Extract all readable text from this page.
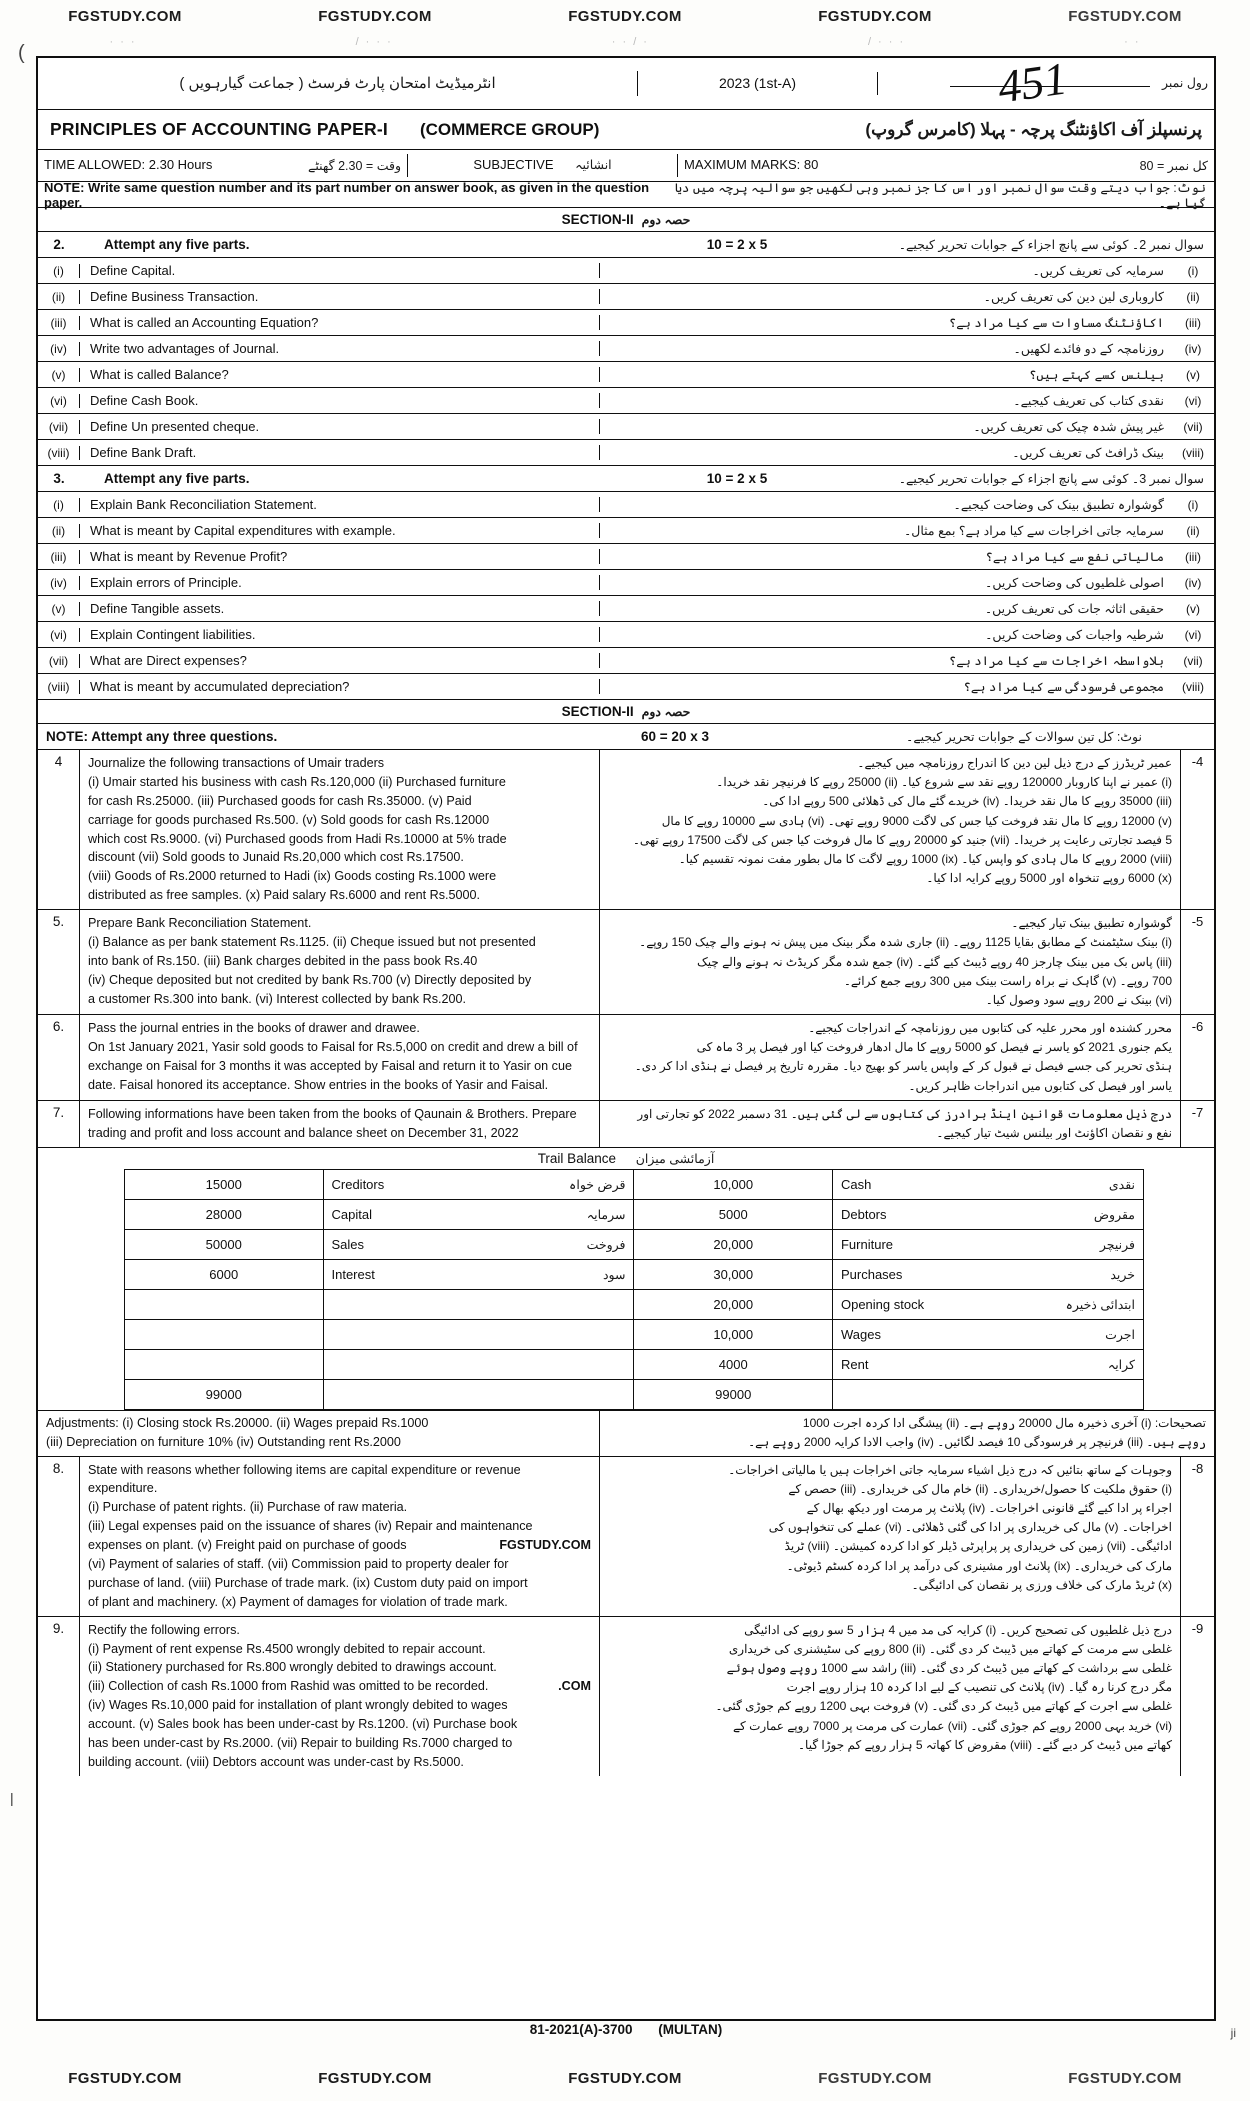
FGSTUDY.COM	FGSTUDY.COM	FGSTUDY.COM	FGSTUDY.COM	FGSTUDY.COM
· · ·	/ · · ·	· · / ·	/ · · ·	· ·
(
|
ji
انٹرمیڈیٹ امتحان پارٹ فرسٹ ( جماعت گیارہویں )	2023 (1st-A)	451	رول نمبر
PRINCIPLES OF ACCOUNTING PAPER-I	(COMMERCE GROUP)	پرنسپلز آف اکاؤنٹنگ پرچہ - پہلا (کامرس گروپ)
TIME ALLOWED: 2.30 Hours	وقت = 2.30 گھنٹے	SUBJECTIVE انشائیہ	MAXIMUM MARKS: 80	کل نمبر = 80
NOTE: Write same question number and its part number on answer book, as given in the question paper.
نوٹ: جواب دیتے وقت سوال نمبر اور اس کا جز نمبر وہی لکھیں جو سوالیہ پرچہ میں دیا گیا ہے۔
SECTION-II حصہ دوم
2.	Attempt any five parts.	10 = 2 x 5	سوال نمبر 2۔ کوئی سے پانچ اجزاء کے جوابات تحریر کیجیے۔
(i)	Define Capital.	سرمایہ کی تعریف کریں۔	(i)
(ii)	Define Business Transaction.	کاروباری لین دین کی تعریف کریں۔	(ii)
(iii)	What is called an Accounting Equation?	اکاؤنٹنگ مساوات سے کیا مراد ہے؟	(iii)
(iv)	Write two advantages of Journal.	روزنامچہ کے دو فائدے لکھیں۔	(iv)
(v)	What is called Balance?	بیلنس کسے کہتے ہیں؟	(v)
(vi)	Define Cash Book.	نقدی کتاب کی تعریف کیجیے۔	(vi)
(vii)	Define Un presented cheque.	غیر پیش شدہ چیک کی تعریف کریں۔	(vii)
(viii)	Define Bank Draft.	بینک ڈرافٹ کی تعریف کریں۔	(viii)
3.	Attempt any five parts.	10 = 2 x 5	سوال نمبر 3۔ کوئی سے پانچ اجزاء کے جوابات تحریر کیجیے۔
(i)	Explain Bank Reconciliation Statement.	گوشوارہ تطبیق بینک کی وضاحت کیجیے۔	(i)
(ii)	What is meant by Capital expenditures with example.	سرمایہ جاتی اخراجات سے کیا مراد ہے؟ بمع مثال۔	(ii)
(iii)	What is meant by Revenue Profit?	مالیاتی نفع سے کیا مراد ہے؟	(iii)
(iv)	Explain errors of Principle.	اصولی غلطیوں کی وضاحت کریں۔	(iv)
(v)	Define Tangible assets.	حقیقی اثاثہ جات کی تعریف کریں۔	(v)
(vi)	Explain Contingent liabilities.	شرطیہ واجبات کی وضاحت کریں۔	(vi)
(vii)	What are Direct expenses?	بلاواسطہ اخراجات سے کیا مراد ہے؟	(vii)
(viii)	What is meant by accumulated depreciation?	مجموعی فرسودگی سے کیا مراد ہے؟	(viii)
SECTION-II حصہ دوم
NOTE: Attempt any three questions.	60 = 20 x 3	نوٹ: کل تین سوالات کے جوابات تحریر کیجیے۔
4	Journalize the following transactions of Umair traders
(i) Umair started his business with cash Rs.120,000 (ii) Purchased furniture
for cash Rs.25000. (iii) Purchased goods for cash Rs.35000. (v) Paid
carriage for goods purchased Rs.500. (v) Sold goods for cash Rs.12000
which cost Rs.9000. (vi) Purchased goods from Hadi Rs.10000 at 5% trade
discount (vii) Sold goods to Junaid Rs.20,000 which cost Rs.17500.
(viii) Goods of Rs.2000 returned to Hadi (ix) Goods costing Rs.1000 were
distributed as free samples. (x) Paid salary Rs.6000 and rent Rs.5000.
عمیر ٹریڈرز کے درج ذیل لین دین کا اندراج روزنامچہ میں کیجیے۔
(i) عمیر نے اپنا کاروبار 120000 روپے نقد سے شروع کیا۔ (ii) 25000 روپے کا فرنیچر نقد خریدا۔
(iii) 35000 روپے کا مال نقد خریدا۔ (iv) خریدے گئے مال کی ڈھلائی 500 روپے ادا کی۔
(v) 12000 روپے کا مال نقد فروخت کیا جس کی لاگت 9000 روپے تھی۔ (vi) ہادی سے 10000 روپے کا مال
5 فیصد تجارتی رعایت پر خریدا۔ (vii) جنید کو 20000 روپے کا مال فروخت کیا جس کی لاگت 17500 روپے تھی۔
(viii) 2000 روپے کا مال ہادی کو واپس کیا۔ (ix) 1000 روپے لاگت کا مال بطور مفت نمونہ تقسیم کیا۔
(x) 6000 روپے تنخواہ اور 5000 روپے کرایہ ادا کیا۔
-4
5.	Prepare Bank Reconciliation Statement.
(i) Balance as per bank statement Rs.1125. (ii) Cheque issued but not presented
into bank of Rs.150. (iii) Bank charges debited in the pass book Rs.40
(iv) Cheque deposited but not credited by bank Rs.700 (v) Directly deposited by
a customer Rs.300 into bank. (vi) Interest collected by bank Rs.200.
گوشوارہ تطبیق بینک تیار کیجیے۔
(i) بینک سٹیٹمنٹ کے مطابق بقایا 1125 روپے۔ (ii) جاری شدہ مگر بینک میں پیش نہ ہونے والے چیک 150 روپے۔
(iii) پاس بک میں بینک چارجز 40 روپے ڈیبٹ کیے گئے۔ (iv) جمع شدہ مگر کریڈٹ نہ ہونے والے چیک
700 روپے۔ (v) گاہک نے براہ راست بینک میں 300 روپے جمع کرائے۔
(vi) بینک نے 200 روپے سود وصول کیا۔
-5
6.	Pass the journal entries in the books of drawer and drawee.
On 1st January 2021, Yasir sold goods to Faisal for Rs.5,000 on credit and drew a bill of
exchange on Faisal for 3 months it was accepted by Faisal and return it to Yasir on cue
date. Faisal honored its acceptance. Show entries in the books of Yasir and Faisal.
محرر کشندہ اور محرر علیہ کی کتابوں میں روزنامچہ کے اندراجات کیجیے۔
یکم جنوری 2021 کو یاسر نے فیصل کو 5000 روپے کا مال ادھار فروخت کیا اور فیصل پر 3 ماہ کی
ہنڈی تحریر کی جسے فیصل نے قبول کر کے واپس یاسر کو بھیج دیا۔ مقررہ تاریخ پر فیصل نے ہنڈی ادا کر دی۔
یاسر اور فیصل کی کتابوں میں اندراجات ظاہر کریں۔
-6
7.	Following informations have been taken from the books of Qaunain & Brothers. Prepare
trading and profit and loss account and balance sheet on December 31, 2022
درج ذیل معلومات قوانین اینڈ برادرز کی کتابوں سے لی گئی ہیں۔ 31 دسمبر 2022 کو تجارتی اور
نفع و نقصان اکاؤنٹ اور بیلنس شیٹ تیار کیجیے۔
-7
Trail Balance آزمائشی میزان
15000	Creditors قرض خواہ	10,000	Cash نقدی

28000	Capital سرمایہ	5000	Debtors مقروض

50000	Sales فروخت	20,000	Furniture فرنیچر

6000	Interest سود	30,000	Purchases خرید

		20,000	Opening stock ابتدائی ذخیرہ

		10,000	Wages اجرت

		4000	Rent کرایہ

99000		99000	
Adjustments: (i) Closing stock Rs.20000. (ii) Wages prepaid Rs.1000
(iii) Depreciation on furniture 10% (iv) Outstanding rent Rs.2000
تصحیحات: (i) آخری ذخیرہ مال 20000 روپے ہے۔ (ii) پیشگی ادا کردہ اجرت 1000
روپے ہیں۔ (iii) فرنیچر پر فرسودگی 10 فیصد لگائیں۔ (iv) واجب الادا کرایہ 2000 روپے ہے۔
8.	State with reasons whether following items are capital expenditure or revenue
expenditure.
(i) Purchase of patent rights. (ii) Purchase of raw materia.
(iii) Legal expenses paid on the issuance of shares (iv) Repair and maintenance
expenses on plant. (v) Freight paid on purchase of goods	FGSTUDY.COM
(vi) Payment of salaries of staff. (vii) Commission paid to property dealer for
purchase of land. (viii) Purchase of trade mark. (ix) Custom duty paid on import
of plant and machinery. (x) Payment of damages for violation of trade mark.
وجوہات کے ساتھ بتائیں کہ درج ذیل اشیاء سرمایہ جاتی اخراجات ہیں یا مالیاتی اخراجات۔
(i) حقوق ملکیت کا حصول/خریداری۔ (ii) خام مال کی خریداری۔ (iii) حصص کے
اجراء پر ادا کیے گئے قانونی اخراجات۔ (iv) پلانٹ پر مرمت اور دیکھ بھال کے
اخراجات۔ (v) مال کی خریداری پر ادا کی گئی ڈھلائی۔ (vi) عملے کی تنخواہوں کی
ادائیگی۔ (vii) زمین کی خریداری پر پراپرٹی ڈیلر کو ادا کردہ کمیشن۔ (viii) ٹریڈ
مارک کی خریداری۔ (ix) پلانٹ اور مشینری کی درآمد پر ادا کردہ کسٹم ڈیوٹی۔
(x) ٹریڈ مارک کی خلاف ورزی پر نقصان کی ادائیگی۔
-8
9.	Rectify the following errors.
(i) Payment of rent expense Rs.4500 wrongly debited to repair account.
(ii) Stationery purchased for Rs.800 wrongly debited to drawings account.
(iii) Collection of cash Rs.1000 from Rashid was omitted to be recorded.	.COM
(iv) Wages Rs.10,000 paid for installation of plant wrongly debited to wages
account. (v) Sales book has been under-cast by Rs.1200. (vi) Purchase book
has been under-cast by Rs.2000. (vii) Repair to building Rs.7000 charged to
building account. (viii) Debtors account was under-cast by Rs.5000.
درج ذیل غلطیوں کی تصحیح کریں۔ (i) کرایہ کی مد میں 4 ہزار 5 سو روپے کی ادائیگی
غلطی سے مرمت کے کھاتے میں ڈیبٹ کر دی گئی۔ (ii) 800 روپے کی سٹیشنری کی خریداری
غلطی سے برداشت کے کھاتے میں ڈیبٹ کر دی گئی۔ (iii) راشد سے 1000 روپے وصول ہوئے
مگر درج کرنا رہ گیا۔ (iv) پلانٹ کی تنصیب کے لیے ادا کردہ 10 ہزار روپے اجرت
غلطی سے اجرت کے کھاتے میں ڈیبٹ کر دی گئی۔ (v) فروخت بہی 1200 روپے کم جوڑی گئی۔
(vi) خرید بہی 2000 روپے کم جوڑی گئی۔ (vii) عمارت کی مرمت پر 7000 روپے عمارت کے
کھاتے میں ڈیبٹ کر دیے گئے۔ (viii) مقروض کا کھاتہ 5 ہزار روپے کم جوڑا گیا۔
-9
81-2021(A)-3700 (MULTAN)
FGSTUDY.COM	FGSTUDY.COM	FGSTUDY.COM	FGSTUDY.COM	FGSTUDY.COM
